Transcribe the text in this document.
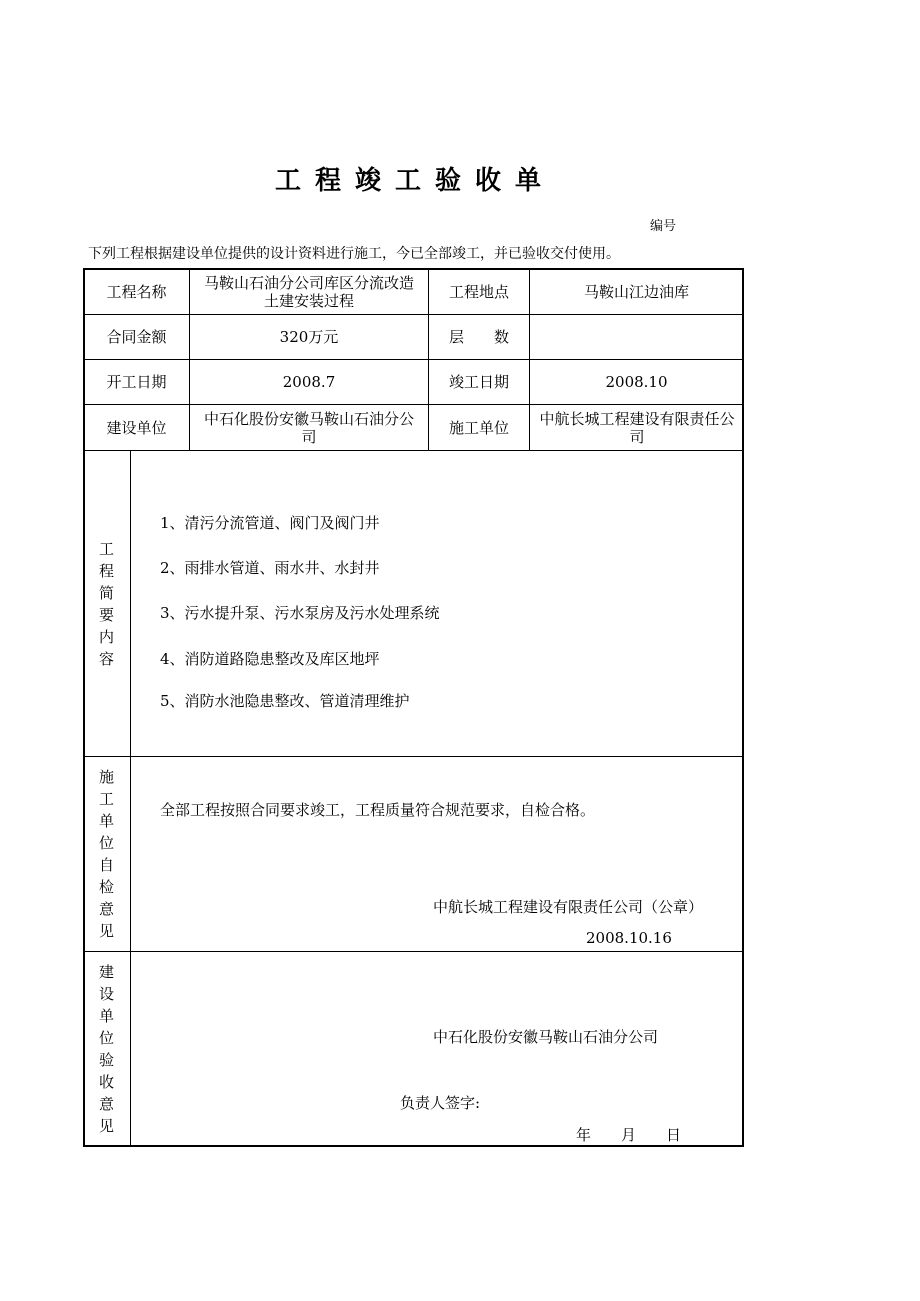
工程竣工验收单
编号
下列工程根据建设单位提供的设计资料进行施工，今已全部竣工，并已验收交付使用。
工程名称	马鞍山石油分公司库区分流改造土建安装过程	工程地点	马鞍山江边油库
合同金额	320万元	层　　数
开工日期	2008.7	竣工日期	2008.10
建设单位	中石化股份安徽马鞍山石油分公司	施工单位	中航长城工程建设有限责任公司
工程简要内容
1、清污分流管道、阀门及阀门井
2、雨排水管道、雨水井、水封井
3、污水提升泵、污水泵房及污水处理系统
4、消防道路隐患整改及库区地坪
5、消防水池隐患整改、管道清理维护
施工单位自检意见
全部工程按照合同要求竣工，工程质量符合规范要求，自检合格。
中航长城工程建设有限责任公司（公章）
2008.10.16
建设单位验收意见
中石化股份安徽马鞍山石油分公司
负责人签字:
年　　月　　日
